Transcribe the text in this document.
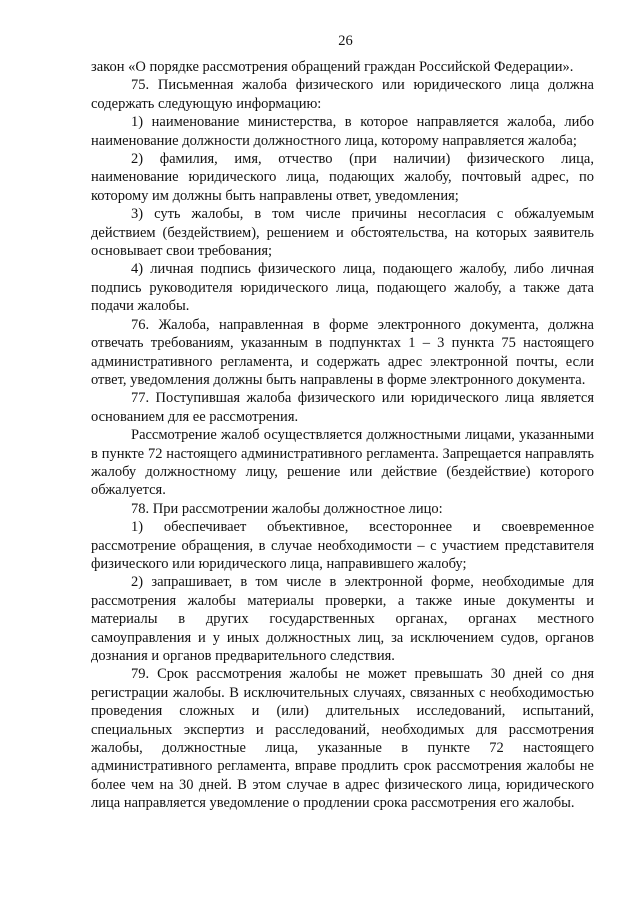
26

закон «О порядке рассмотрения обращений граждан Российской Федерации».

75. Письменная жалоба физического или юридического лица должна содержать следующую информацию:

1) наименование министерства, в которое направляется жалоба, либо наименование должности должностного лица, которому направляется жалоба;

2) фамилия, имя, отчество (при наличии) физического лица, наименование юридического лица, подающих жалобу, почтовый адрес, по которому им должны быть направлены ответ, уведомления;

3) суть жалобы, в том числе причины несогласия с обжалуемым действием (бездействием), решением и обстоятельства, на которых заявитель основывает свои требования;

4) личная подпись физического лица, подающего жалобу, либо личная подпись руководителя юридического лица, подающего жалобу, а также дата подачи жалобы.

76. Жалоба, направленная в форме электронного документа, должна отвечать требованиям, указанным в подпунктах 1 – 3 пункта 75 настоящего административного регламента, и содержать адрес электронной почты, если ответ, уведомления должны быть направлены в форме электронного документа.

77. Поступившая жалоба физического или юридического лица является основанием для ее рассмотрения.

Рассмотрение жалоб осуществляется должностными лицами, указанными в пункте 72 настоящего административного регламента. Запрещается направлять жалобу должностному лицу, решение или действие (бездействие) которого обжалуется.

78. При рассмотрении жалобы должностное лицо:

1) обеспечивает объективное, всестороннее и своевременное рассмотрение обращения, в случае необходимости – с участием представителя физического или юридического лица, направившего жалобу;

2) запрашивает, в том числе в электронной форме, необходимые для рассмотрения жалобы материалы проверки, а также иные документы и материалы в других государственных органах, органах местного самоуправления и у иных должностных лиц, за исключением судов, органов дознания и органов предварительного следствия.

79. Срок рассмотрения жалобы не может превышать 30 дней со дня регистрации жалобы. В исключительных случаях, связанных с необходимостью проведения сложных и (или) длительных исследований, испытаний, специальных экспертиз и расследований, необходимых для рассмотрения жалобы, должностные лица, указанные в пункте 72 настоящего административного регламента, вправе продлить срок рассмотрения жалобы не более чем на 30 дней. В этом случае в адрес физического лица, юридического лица направляется уведомление о продлении срока рассмотрения его жалобы.
